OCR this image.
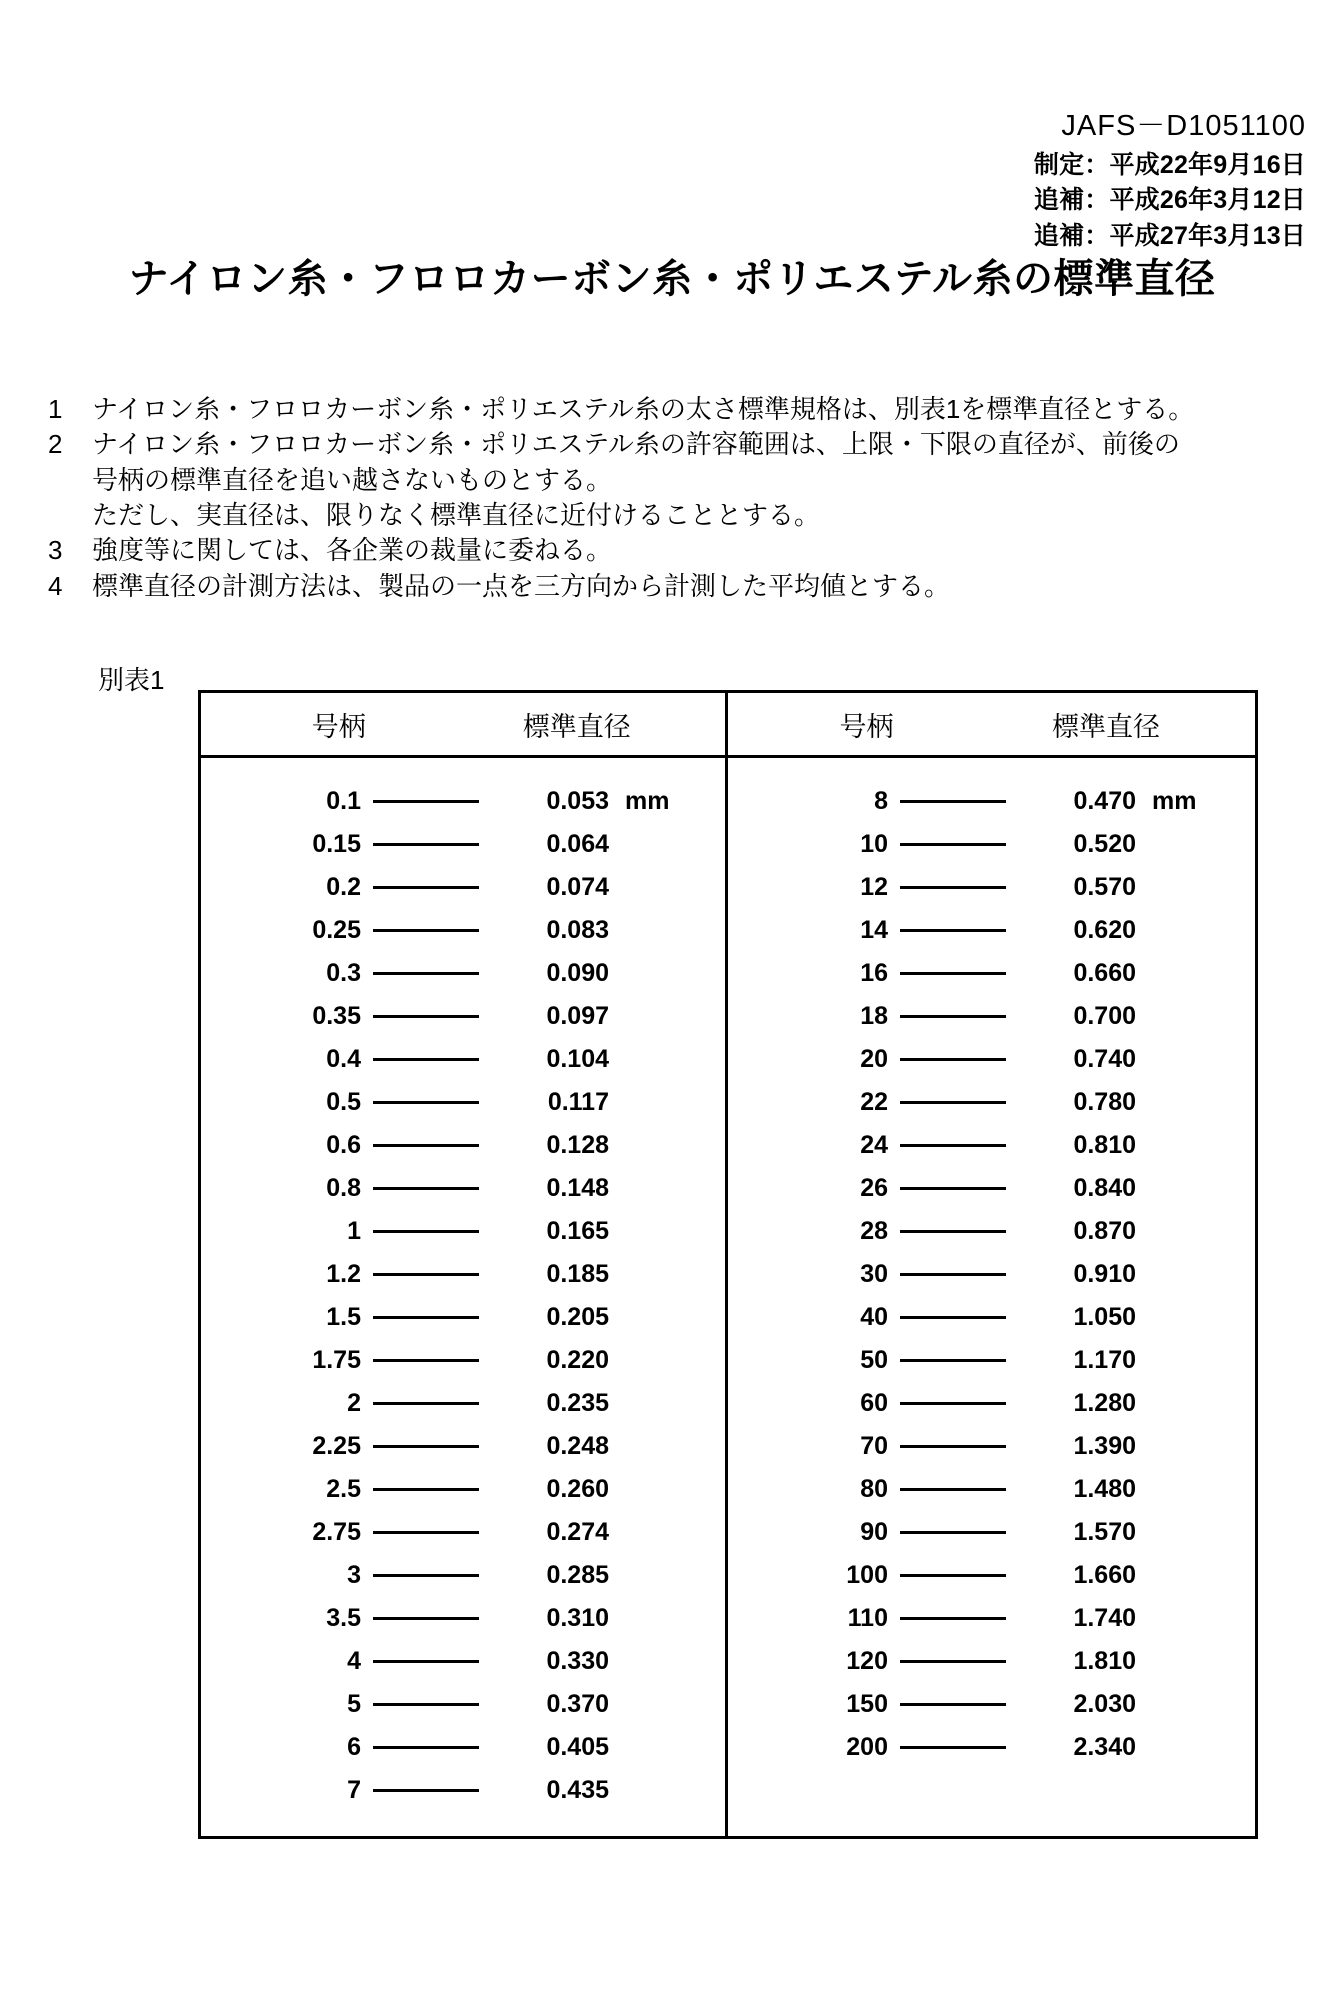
JAFS－D1051100
制定：平成22年9月16日
追補：平成26年3月12日
追補：平成27年3月13日
ナイロン糸・フロロカーボン糸・ポリエステル糸の標準直径
1	ナイロン糸・フロロカーボン糸・ポリエステル糸の太さ標準規格は、別表1を標準直径とする。
2	ナイロン糸・フロロカーボン糸・ポリエステル糸の許容範囲は、上限・下限の直径が、前後の
号柄の標準直径を追い越さないものとする。
ただし、実直径は、限りなく標準直径に近付けることとする。
3	強度等に関しては、各企業の裁量に委ねる。
4	標準直径の計測方法は、製品の一点を三方向から計測した平均値とする。
別表1
号柄	標準直径
0.1	0.053 mm
0.15	0.064
0.2	0.074
0.25	0.083
0.3	0.090
0.35	0.097
0.4	0.104
0.5	0.117
0.6	0.128
0.8	0.148
1	0.165
1.2	0.185
1.5	0.205
1.75	0.220
2	0.235
2.25	0.248
2.5	0.260
2.75	0.274
3	0.285
3.5	0.310
4	0.330
5	0.370
6	0.405
7	0.435
号柄	標準直径
8	0.470 mm
10	0.520
12	0.570
14	0.620
16	0.660
18	0.700
20	0.740
22	0.780
24	0.810
26	0.840
28	0.870
30	0.910
40	1.050
50	1.170
60	1.280
70	1.390
80	1.480
90	1.570
100	1.660
110	1.740
120	1.810
150	2.030
200	2.340
